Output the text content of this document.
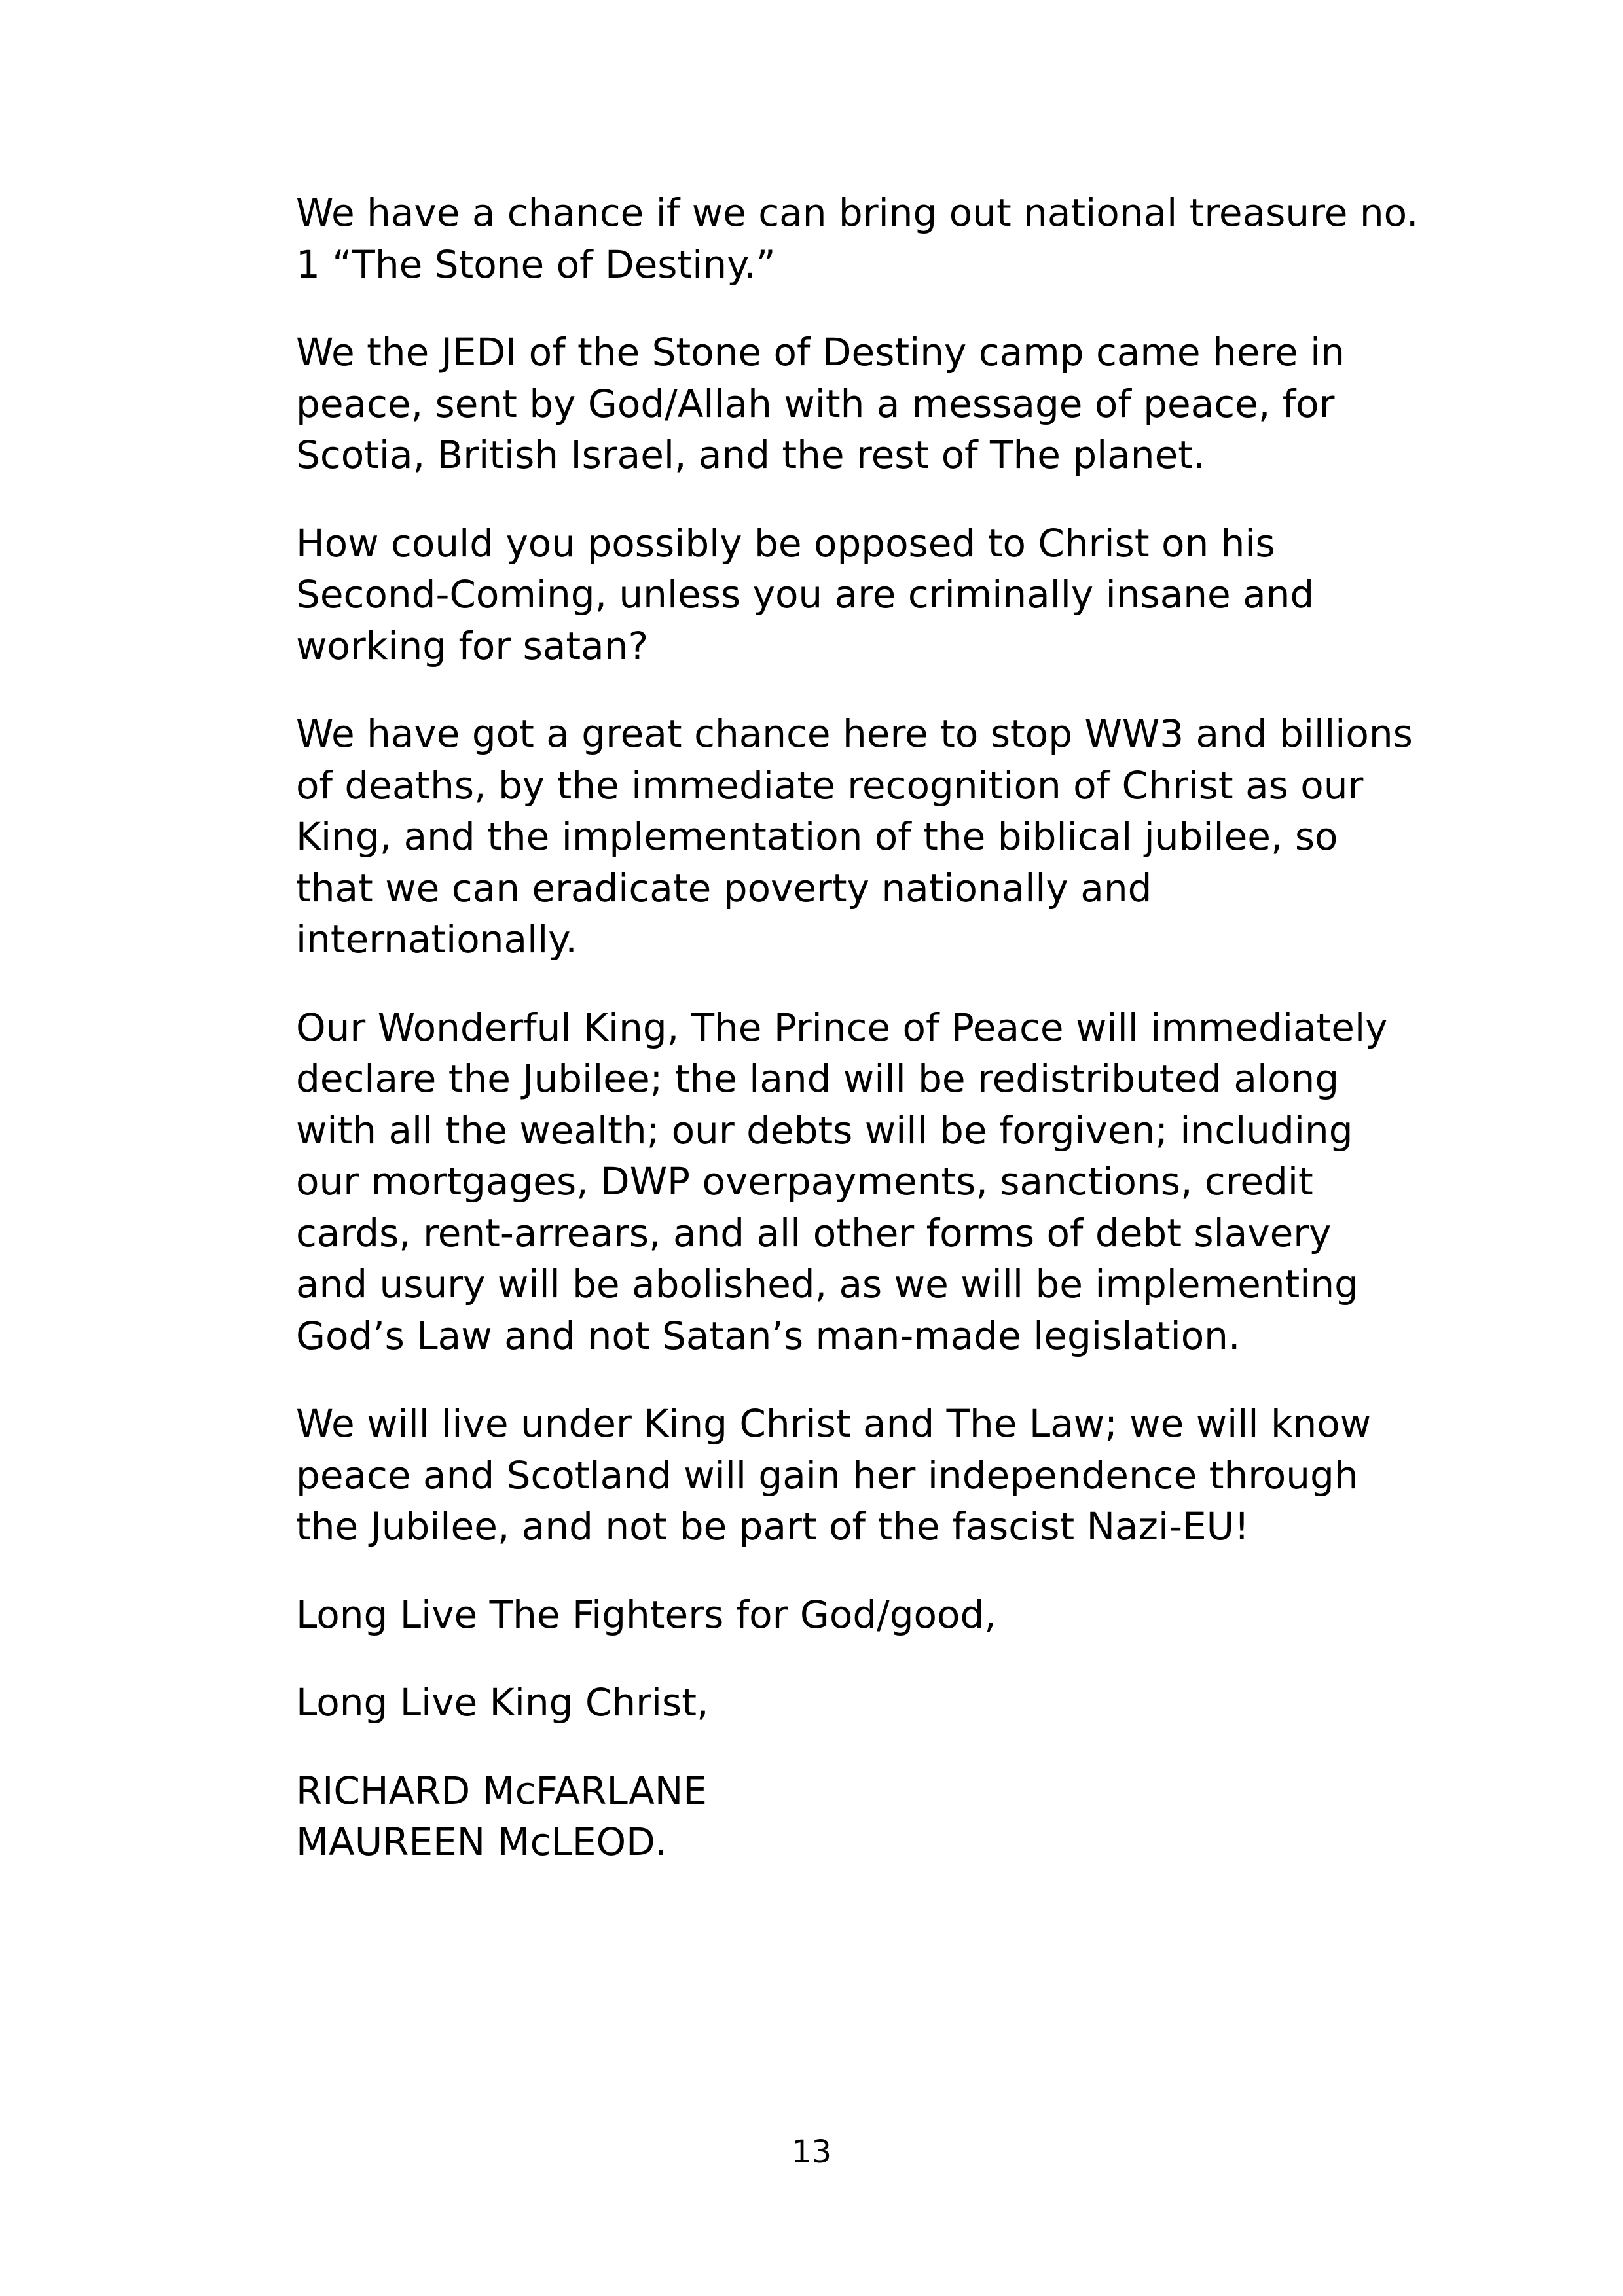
We have a chance if we can bring out national treasure no.
1 “The Stone of Destiny.”

We the JEDI of the Stone of Destiny camp came here in
peace, sent by God/Allah with a message of peace, for
Scotia, British Israel, and the rest of The planet.

How could you possibly be opposed to Christ on his
Second-Coming, unless you are criminally insane and
working for satan?

We have got a great chance here to stop WW3 and billions
of deaths, by the immediate recognition of Christ as our
King, and the implementation of the biblical jubilee, so
that we can eradicate poverty nationally and
internationally.

Our Wonderful King, The Prince of Peace will immediately
declare the Jubilee; the land will be redistributed along
with all the wealth; our debts will be forgiven; including
our mortgages, DWP overpayments, sanctions, credit
cards, rent-arrears, and all other forms of debt slavery
and usury will be abolished, as we will be implementing
God’s Law and not Satan’s man-made legislation.

We will live under King Christ and The Law; we will know
peace and Scotland will gain her independence through
the Jubilee, and not be part of the fascist Nazi-EU!

Long Live The Fighters for God/good,

Long Live King Christ,

RICHARD McFARLANE
MAUREEN McLEOD.
13
